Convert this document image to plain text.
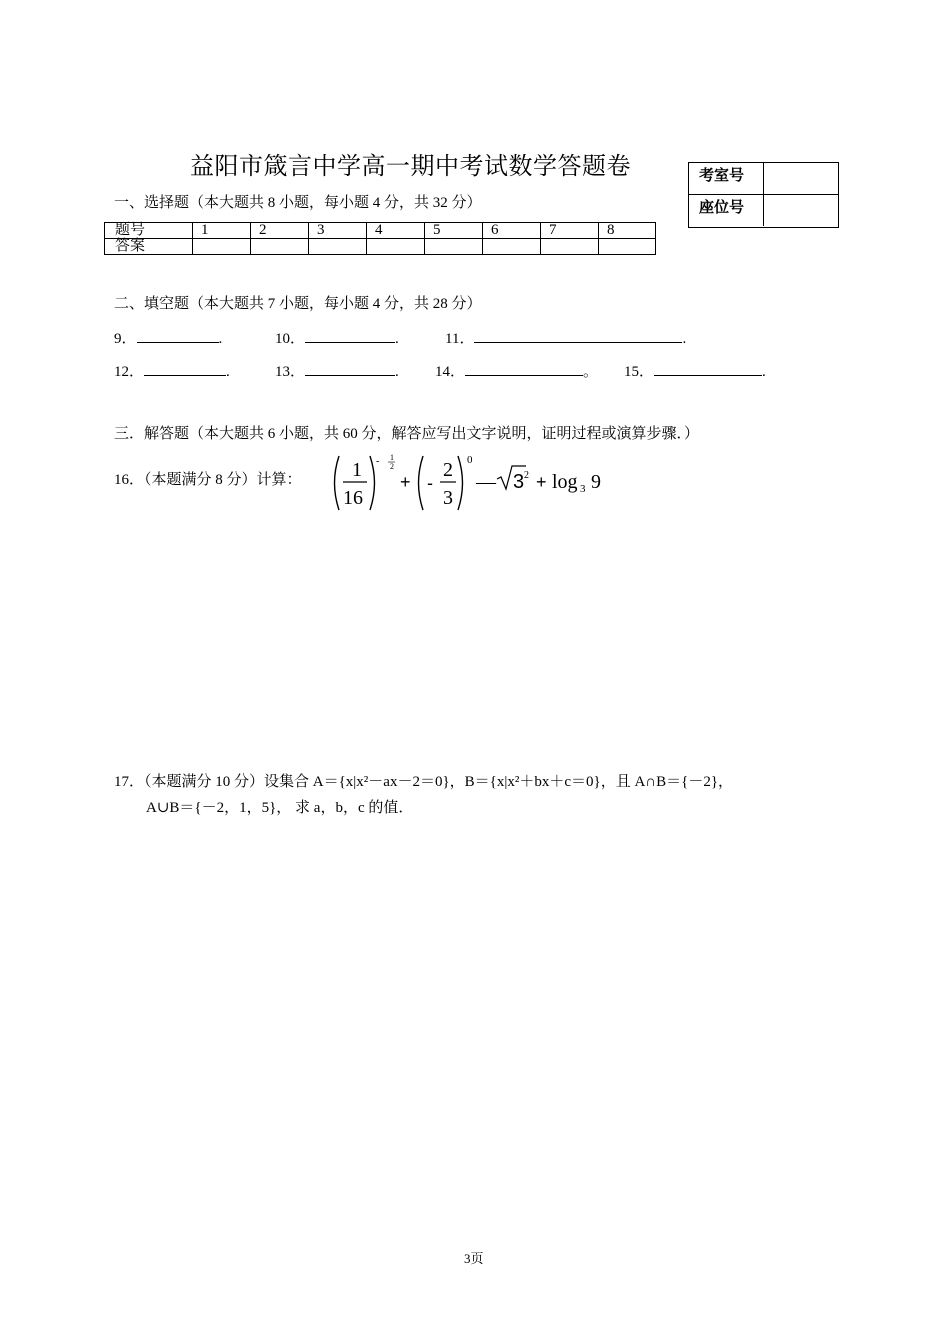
益阳市箴言中学高一期中考试数学答题卷	考室号
座位号
一、选择题（本大题共 8 小题，每小题 4 分，共 32 分）
题号	1	2	3	4	5	6	7	8
答案								
二、填空题（本大题共 7 小题，每小题 4 分，共 28 分）
9．	.	10．	.	11．	.
12．	.	13．	. 14．	。 15．	.
三．解答题（本大题共 6 小题，共 60 分，解答应写出文字说明，证明过程或演算步骤．）
16．（本题满分 8 分）计算：	1
16
- 1
2
+ -
2
3
0
— 3 2 + log 3 9
17．（本题满分 10 分）设集合 A＝{x|x²－ax－2＝0}，B＝{x|x²＋bx＋c＝0}，且 A∩B＝{－2}，
A∪B＝{－2，1，5}， 求 a，b，c 的值．
3页
